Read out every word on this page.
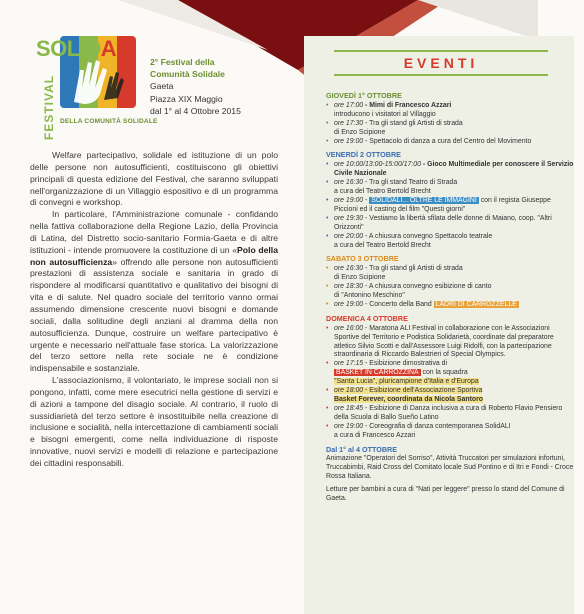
SOLIDALI
FESTIVAL DELLA COMUNITÀ SOLIDALE
2° Festival della
Comunità Solidale
Gaeta
Piazza XIX Maggio
dal 1° al 4 Ottobre 2015

Welfare partecipativo, solidale ed istituzione di un polo delle persone non autosufficienti, costituiscono gli obiettivi principali di questa edizione del Festival, che saranno sviluppati nell'organizzazione di un Villaggio espositivo e di un programma di convegni e workshop.

In particolare, l'Amministrazione comunale - confidando nella fattiva collaborazione della Regione Lazio, della Provincia di Latina, del Distretto socio-sanitario Formia-Gaeta e di altre istituzioni - intende promuovere la costituzione di un «Polo della non autosufficienza» offrendo alle persone non autosufficienti prestazioni di assistenza sociale e sanitaria in grado di rispondere al modificarsi quantitativo e qualitativo dei bisogni di vita e di salute. Nel quadro sociale del territorio vanno ormai assumendo dimensione crescente nuovi bisogni e domande sociali, dalla solitudine degli anziani al dramma della non autosufficienza. Dunque, costruire un welfare partecipativo è urgente e necessario nell'attuale fase storica. La valorizzazione del terzo settore nella rete sociale ne è condizione indispensabile e sostanziale.

L'associazionismo, il volontariato, le imprese sociali non si pongono, infatti, come mere esecutrici nella gestione di servizi e di azioni a tampone del disagio sociale. Al contrario, il ruolo di sussidiarietà del terzo settore è insostituibile nella creazione di inclusione e socialità, nella intercettazione di cambiamenti sociali e bisogni emergenti, come nella individuazione di risposte innovative, nuovi servizi e modelli di relazione e partecipazione dei cittadini responsabili.

EVENTI
GIOVEDÌ 1° OTTOBRE
• ore 17:00 - Mimi di Francesco Azzari
introducono i visitatori al Villaggio
• ore 17:30 - Tra gli stand gli Artisti di strada
di Enzo Scipione
• ore 19:00 - Spettacolo di danza a cura del Centro del Movimento
VENERDÌ 2 OTTOBRE
• ore 10:00/13:00-15:00/17:00 - Gioco Multimediale per conoscere il Servizio Civile Nazionale
• ore 16:30 - Tra gli stand Teatro di Strada
a cura del Teatro Bertold Brecht
• ore 19:00 - SOLIDALI... OLTRE LE IMMAGINI con il regista Giuseppe Piccioni ed il casting del film "Questi giorni"
• ore 19:30 - Vestiamo la libertà sfilata delle donne di Maiano, coop. "Altri Orizzonti"
• ore 20:00 - A chiusura convegno Spettacolo teatrale
a cura del Teatro Bertold Brecht
SABATO 3 OTTOBRE
• ore 16:30 - Tra gli stand gli Artisti di strada
di Enzo Scipione
• ore 18:30 - A chiusura convegno esibizione di canto
di "Antonino Meschino"
• ore 19:00 - Concerto della Band LADRI DI CARROZZELLE
DOMENICA 4 OTTOBRE
• ore 16:00 - Maratona ALI Festival in collaborazione con le Associazioni Sportive del Territorio e Podistica Solidarietà, coordinate dal preparatore atletico Silvio Scotti e dall'Assessore Luigi Ridolfi, con la partecipazione straordinaria di Riccardo Balestrieri of Special Olympics.
• ore 17:15 - Esibizione dimostrativa di
BASKET IN CARROZZINA con la squadra
"Santa Lucia", pluricampione d'Italia e d'Europa
• ore 18:00 - Esibizione dell'Associazione Sportiva
Basket Forever, coordinata da Nicola Santoro
• ore 18:45 - Esibizione di Danza inclusiva a cura di Roberto Flavio Pensiero della Scuola di Ballo Sueño Latino
• ore 19:00 - Coreografia di danza contemporanea SolidALI
a cura di Francesco Azzari
Dal 1° al 4 OTTOBRE
Animazione "Operatori del Sorriso", Attività Truccatori per simulazioni infortuni, Truccabimbi, Raid Cross del Comitato locale Sud Pontino e di Itri e Fondi - Croce Rossa Italiana.
Letture per bambini a cura di "Nati per leggere" presso lo stand del Comune di Gaeta.
